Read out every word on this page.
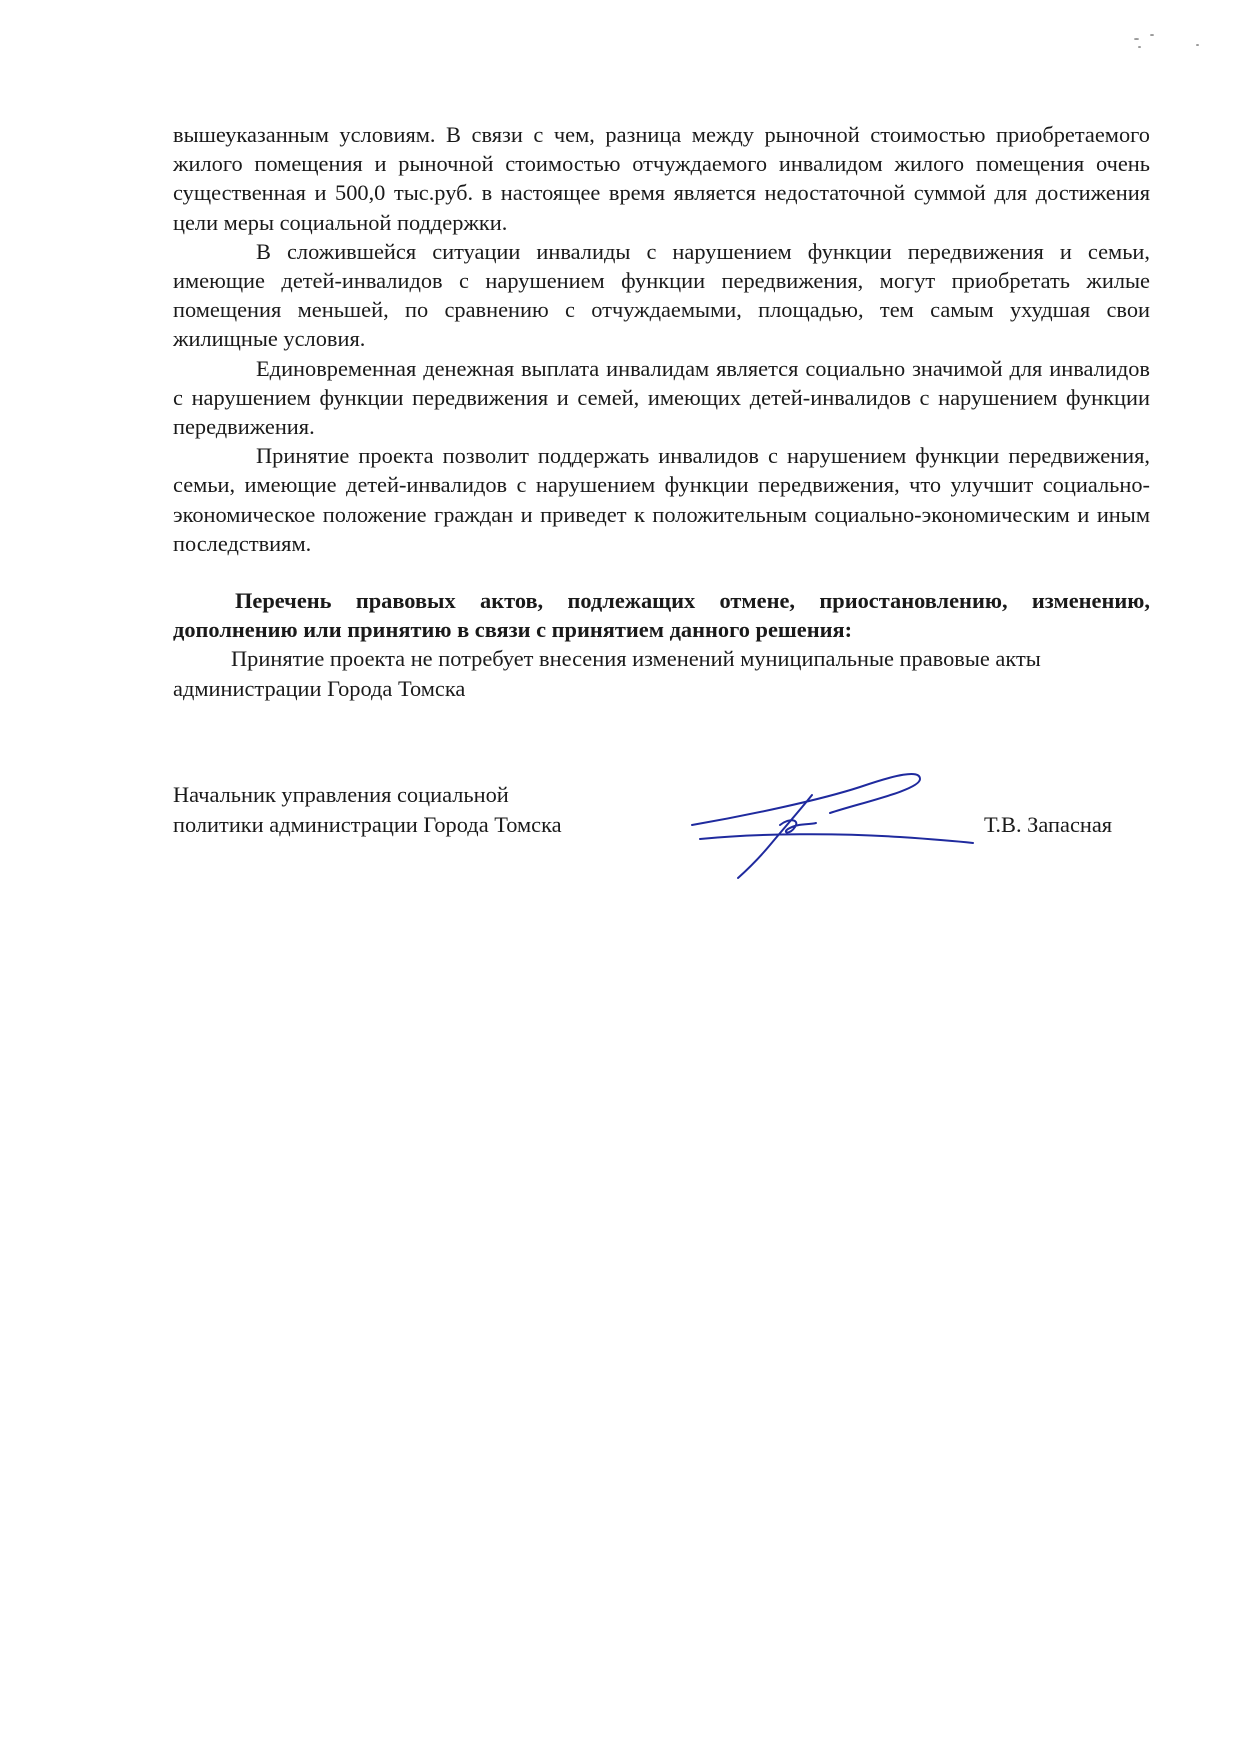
вышеуказанным условиям. В связи с чем, разница между рыночной стоимостью приобретаемого жилого помещения и рыночной стоимостью отчуждаемого инвалидом жилого помещения очень существенная и 500,0 тыс.руб. в настоящее время является недостаточной суммой для достижения цели меры социальной поддержки.

В сложившейся ситуации инвалиды с нарушением функции передвижения и семьи, имеющие детей-инвалидов с нарушением функции передвижения, могут приобретать жилые помещения меньшей, по сравнению с отчуждаемыми, площадью, тем самым ухудшая свои жилищные условия.

Единовременная денежная выплата инвалидам является социально значимой для инвалидов с нарушением функции передвижения и семей, имеющих детей-инвалидов с нарушением функции передвижения.

Принятие проекта позволит поддержать инвалидов с нарушением функции передвижения, семьи, имеющие детей-инвалидов с нарушением функции передвижения, что улучшит социально-экономическое положение граждан и приведет к положительным социально-экономическим и иным последствиям.

Перечень правовых актов, подлежащих отмене, приостановлению, изменению, дополнению или принятию в связи с принятием данного решения:

Принятие проекта не потребует внесения изменений муниципальные правовые акты администрации Города Томска

Начальник управления социальной
политики администрации Города Томска	Т.В. Запасная
